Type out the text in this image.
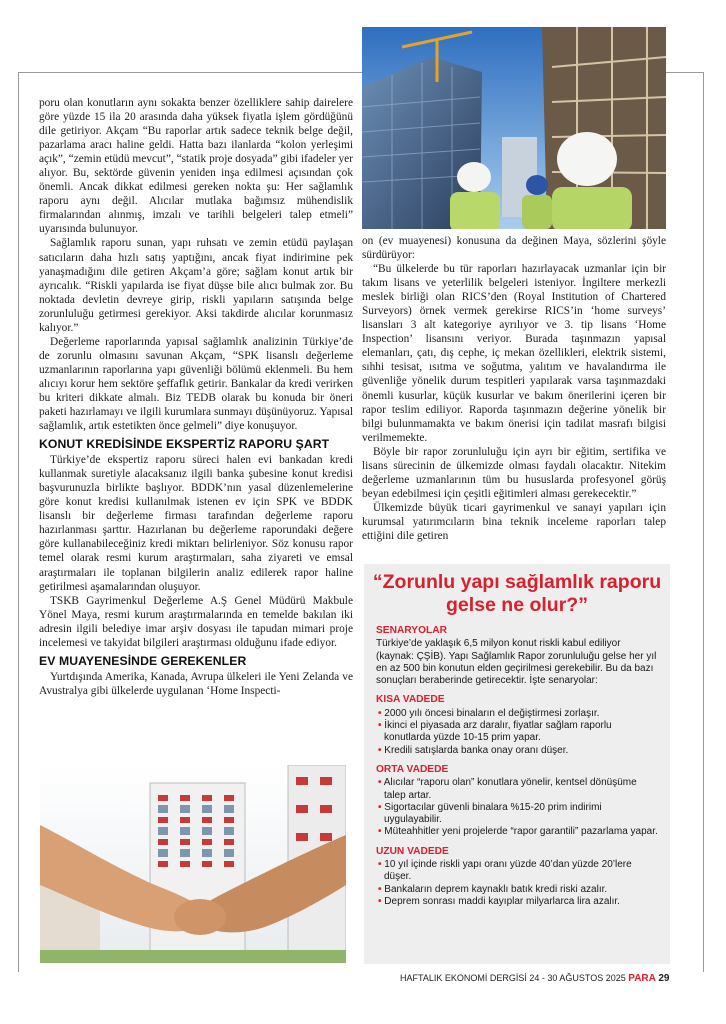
poru olan konutların aynı sokakta benzer özelliklere sahip dairelere göre yüzde 15 ila 20 arasında daha yüksek fiyatla işlem gördüğünü dile getiriyor. Akçam “Bu raporlar artık sadece teknik belge değil, pazarlama aracı haline geldi. Hatta bazı ilanlarda “kolon yerleşimi açık”, “zemin etüdü mevcut”, “statik proje dosyada” gibi ifadeler yer alıyor. Bu, sektörde güvenin yeniden inşa edilmesi açısından çok önemli. Ancak dikkat edilmesi gereken nokta şu: Her sağlamlık raporu aynı değil. Alıcılar mutlaka bağımsız mühendislik firmalarından alınmış, imzalı ve tarihli belgeleri talep etmeli” uyarısında bulunuyor.

Sağlamlık raporu sunan, yapı ruhsatı ve zemin etüdü paylaşan satıcıların daha hızlı satış yaptığını, ancak fiyat indirimine pek yanaşmadığını dile getiren Akçam’a göre; sağlam konut artık bir ayrıcalık. “Riskli yapılarda ise fiyat düşse bile alıcı bulmak zor. Bu noktada devletin devreye girip, riskli yapıların satışında belge zorunluluğu getirmesi gerekiyor. Aksi takdirde alıcılar korunmasız kalıyor.”

Değerleme raporlarında yapısal sağlamlık analizinin Türkiye’de de zorunlu olmasını savunan Akçam, “SPK lisanslı değerleme uzmanlarının raporlarına yapı güvenliği bölümü eklenmeli. Bu hem alıcıyı korur hem sektöre şeffaflık getirir. Bankalar da kredi verirken bu kriteri dikkate almalı. Biz TEDB olarak bu konuda bir öneri paketi hazırlamayı ve ilgili kurumlara sunmayı düşünüyoruz. Yapısal sağlamlık, artık estetikten önce gelmeli” diye konuşuyor.

KONUT KREDİSİNDE EKSPERTİZ RAPORU ŞART

Türkiye’de ekspertiz raporu süreci halen evi bankadan kredi kullanmak suretiyle alacaksanız ilgili banka şubesine konut kredisi başvurunuzla birlikte başlıyor. BDDK’nın yasal düzenlemelerine göre konut kredisi kullanılmak istenen ev için SPK ve BDDK lisanslı bir değerleme firması tarafından değerleme raporu hazırlanması şarttır. Hazırlanan bu değerleme raporundaki değere göre kullanabileceğiniz kredi miktarı belirleniyor. Söz konusu rapor temel olarak resmi kurum araştırmaları, saha ziyareti ve emsal araştırmaları ile toplanan bilgilerin analiz edilerek rapor haline getirilmesi aşamalarından oluşuyor.

TSKB Gayrimenkul Değerleme A.Ş Genel Müdürü Makbule Yönel Maya, resmi kurum araştırmalarında en temelde bakılan iki adresin ilgili belediye imar arşiv dosyası ile tapudan mimari proje incelemesi ve takyidat bilgileri araştırması olduğunu ifade ediyor.

EV MUAYENESİNDE GEREKENLER

Yurtdışında Amerika, Kanada, Avrupa ülkeleri ile Yeni Zelanda ve Avustralya gibi ülkelerde uygulanan ‘Home Inspecti-

on (ev muayenesi) konusuna da değinen Maya, sözlerini şöyle sürdürüyor:

“Bu ülkelerde bu tür raporları hazırlayacak uzmanlar için bir takım lisans ve yeterlilik belgeleri isteniyor. İngiltere merkezli meslek birliği olan RICS’den (Royal Institution of Chartered Surveyors) örnek vermek gerekirse RICS’in ‘home surveys’ lisansları 3 alt kategoriye ayrılıyor ve 3. tip lisans ‘Home Inspection’ lisansını veriyor. Burada taşınmazın yapısal elemanları, çatı, dış cephe, iç mekan özellikleri, elektrik sistemi, sıhhi tesisat, ısıtma ve soğutma, yalıtım ve havalandırma ile güvenliğe yönelik durum tespitleri yapılarak varsa taşınmazdaki önemli kusurlar, küçük kusurlar ve bakım önerilerini içeren bir rapor teslim ediliyor. Raporda taşınmazın değerine yönelik bir bilgi bulunmamakta ve bakım önerisi için tadilat masrafı bilgisi verilmemekte.

Böyle bir rapor zorunluluğu için ayrı bir eğitim, sertifika ve lisans sürecinin de ülkemizde olması faydalı olacaktır. Nitekim değerleme uzmanlarının tüm bu hususlarda profesyonel görüş beyan edebilmesi için çeşitli eğitimleri alması gerekecektir.”

Ülkemizde büyük ticari gayrimenkul ve sanayi yapıları için kurumsal yatırımcıların bina teknik inceleme raporları talep ettiğini dile getiren

“Zorunlu yapı sağlamlık raporu gelse ne olur?”
SENARYOLAR
Türkiye’de yaklaşık 6,5 milyon konut riskli kabul ediliyor (kaynak: ÇŞİB). Yapı Sağlamlık Rapor zorunluluğu gelse her yıl en az 500 bin konutun elden geçirilmesi gerekebilir. Bu da bazı sonuçları beraberinde getirecektir. İşte senaryolar:
KISA VADEDE
• 2000 yılı öncesi binaların el değiştirmesi zorlaşır.
• İkinci el piyasada arz daralır, fiyatlar sağlam raporlu konutlarda yüzde 10-15 prim yapar.
• Kredili satışlarda banka onay oranı düşer.
ORTA VADEDE
• Alıcılar “raporu olan” konutlara yönelir, kentsel dönüşüme talep artar.
• Sigortacılar güvenli binalara %15-20 prim indirimi uygulayabilir.
• Müteahhitler yeni projelerde “rapor garantili” pazarlama yapar.
UZUN VADEDE
• 10 yıl içinde riskli yapı oranı yüzde 40’dan yüzde 20’lere düşer.
• Bankaların deprem kaynaklı batık kredi riski azalır.
• Deprem sonrası maddi kayıplar milyarlarca lira azalır.
HAFTALIK EKONOMİ DERGİSİ 24 - 30 AĞUSTOS 2025 PARA 29
